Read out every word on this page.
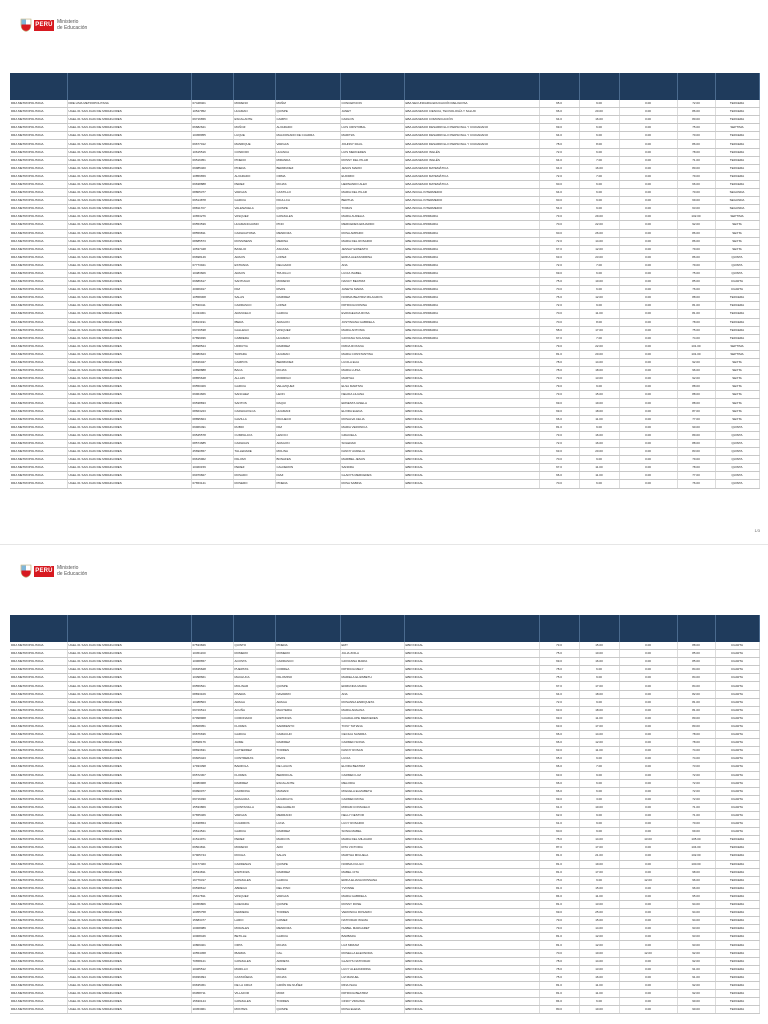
PERÚ Ministerio
de Educación

DRA METROPOLITANA	DRE LIMA METROPOLITANA	07448401	MORENO	MUÑIZ	CONCEPCION	EBA SECUNDARIA EDUCACIÓN RELIGIOSA	65.0	9.00	0.00	72.00	TERCERA
DRA METROPOLITANA	UGEL 01 SAN JUAN DE MIRAFLORES	10547952	HUAMAN	QUISPE	JANET	EBA AVANZADO CIENCIA, TECNOLOGÍA Y SALUD	66.0	20.00	0.00	86.00	TERCERA
DRA METROPOLITANA	UGEL 01 SAN JUAN DE MIRAFLORES	09716656	ESCALANTE	CAMPO	CARLOS	EBA AVANZADO COMUNICACIÓN	64.0	16.00	0.00	80.00	TERCERA
DRA METROPOLITANA	UGEL 01 SAN JUAN DE MIRAFLORES	06682621	MUÑOZ	ALVARADO	LUIS CRISTOBAL	EBA AVANZADO DESARROLLO PERSONAL Y CIUDADANO	69.0	6.00	0.00	75.00	SEPTIMA
DRA METROPOLITANA	UGEL 01 SAN JUAN DE MIRAFLORES	10458955	LUQUE	MALDONADO DE CUADRA	MARITZA	EBA AVANZADO DESARROLLO PERSONAL Y CIUDADANO	64.0	6.00	0.00	70.00	TERCERA
DRA METROPOLITANA	UGEL 01 SAN JUAN DE MIRAFLORES	09677012	MANRIQUE	VARGAS	JOHNNY RAUL	EBA AVANZADO DESARROLLO PERSONAL Y CIUDADANO	78.0	8.00	0.00	86.00	TERCERA
DRA METROPOLITANA	UGEL 01 SAN JUAN DE MIRAFLORES	10615516	CONDORI	HUANCA	LUIS MERCEDES	EBA AVANZADO INGLÉS	72.0	6.00	0.00	78.00	TERCERA
DRA METROPOLITANA	UGEL 01 SAN JUAN DE MIRAFLORES	09516051	PINEDO	MIRANDA	ROSSY DEL PILAR	EBA AVANZADO INGLÉS	64.0	7.00	0.00	71.00	TERCERA
DRA METROPOLITANA	UGEL 01 SAN JUAN DE MIRAFLORES	09985460	PINEDA	BERMUDEZ	JESUS MARIO	EBA AVANZADO MATEMÁTICA	64.0	16.00	0.00	80.00	TERCERA
DRA METROPOLITANA	UGEL 01 SAN JUAN DE MIRAFLORES	10859659	ALVARADO	ORMA	EUDIMIO	EBA AVANZADO MATEMÁTICA	72.0	7.00	0.00	79.00	TERCERA
DRA METROPOLITANA	UGEL 01 SAN JUAN DE MIRAFLORES	09638888	PEREZ	ROJAS	HERNANDO ALEX	EBA AVANZADO MATEMÁTICA	60.0	6.00	0.00	66.00	TERCERA
DRA METROPOLITANA	UGEL 01 SAN JUAN DE MIRAFLORES	08805377	VARGAS	CASTILLO	MARIA DEL PILAR	EBA INICIAL INTERMEDIO	64.0	6.00	0.00	70.00	SEGUNDA
DRA METROPOLITANA	UGEL 01 SAN JUAN DE MIRAFLORES	09514878	GARCIA	PAULLCA	BERTHA	EBA INICIAL INTERMEDIO	60.0	9.00	0.00	69.00	SEGUNDA
DRA METROPOLITANA	UGEL 01 SAN JUAN DE MIRAFLORES	08811707	VALENZUELA	QUISPE	TOMAS	EBA INICIAL INTERMEDIO	54.0	9.00	0.00	63.00	SEGUNDA
DRA METROPOLITANA	UGEL 01 SAN JUAN DE MIRAFLORES	10653276	VASQUEZ	GONZALES	MARIA AURELIA	EBE INICIAL/PRIMARIA	73.0	29.00	0.00	102.00	SEPTIMA
DRA METROPOLITANA	UGEL 01 SAN JUAN DE MIRAFLORES	09553539	HUAMANCHUMO	PINO	MERCEDES EDUARDO	EBE INICIAL/PRIMARIA	70.0	22.00	0.00	92.00	SEXTA
DRA METROPOLITANA	UGEL 01 SAN JUAN DE MIRAFLORES	08559811	CARHUATOMA	MENDOZA	ROSA AMPARO	EBE INICIAL/PRIMARIA	60.0	26.00	0.00	86.00	SEXTA
DRA METROPOLITANA	UGEL 01 SAN JUAN DE MIRAFLORES	08685573	ROSSINESS	MEDINA	MARIA DEL ROSARIO	EBE INICIAL/PRIMARIA	72.0	14.00	0.00	86.00	SEXTA
DRA METROPOLITANA	UGEL 01 SAN JUAN DE MIRAFLORES	10537448	BASILIO	ASCASA	JESSAY ERNESTO	EBE INICIAL/PRIMARIA	67.0	12.00	0.00	79.00	SEXTA
DRA METROPOLITANA	UGEL 01 SAN JUAN DE MIRAFLORES	09698149	ARAOS	LOPEZ	ERIKA ALEXANDRINA	EBE INICIAL/PRIMARIA	63.0	23.00	0.00	86.00	QUINTA
DRA METROPOLITANA	UGEL 01 SAN JUAN DE MIRAFLORES	07773941	ESTRADA	DELGADO	ANA	EBE INICIAL/PRIMARIA	72.0	7.00	0.00	79.00	QUINTA
DRA METROPOLITANA	UGEL 01 SAN JUAN DE MIRAFLORES	10483606	ARAOS	TRUJILLO	LUCIA ISABEL	EBE INICIAL/PRIMARIA	69.0	6.00	0.00	75.00	QUINTA
DRA METROPOLITANA	UGEL 01 SAN JUAN DE MIRAFLORES	09686617	SANTIAGO	MORENO	NANCY BEATRIZ	EBE INICIAL/PRIMARIA	75.0	10.00	0.00	85.00	CUARTA
DRA METROPOLITANA	UGEL 01 SAN JUAN DE MIRAFLORES	40969917	PAZ	RIVAS	JANETH MARIA	EBE INICIAL/PRIMARIA	70.0	6.00	0.00	76.00	CUARTA
DRA METROPOLITANA	UGEL 01 SAN JUAN DE MIRAFLORES	10558308	SALAS	RAMIREZ	NORMA BEATRIZ MILAGROS	EBE INICIAL/PRIMARIA	76.0	12.00	0.00	88.00	TERCERA
DRA METROPOLITANA	UGEL 01 SAN JUAN DE MIRAFLORES	07530411	CARRASCO	LOPEZ	PATRICIA ROSINA	EBE INICIAL/PRIMARIA	72.0	9.00	0.00	81.00	TERCERA
DRA METROPOLITANA	UGEL 01 SAN JUAN DE MIRAFLORES	41434301	ARANCELO	GARCIA	EVANGELINA ROSA	EBE INICIAL/PRIMARIA	70.0	11.00	0.00	81.00	TERCERA
DRA METROPOLITANA	UGEL 01 SAN JUAN DE MIRAFLORES	06813191	IBERA	ARAGON	JUSTINIANA GABRIELA	EBE INICIAL/PRIMARIA	70.0	8.00	0.00	78.00	TERCERA
DRA METROPOLITANA	UGEL 01 SAN JUAN DE MIRAFLORES	09729538	GALLEGO	VASQUEZ	MARIA ANTONIA	EBE INICIAL/PRIMARIA	58.0	17.00	0.00	75.00	TERCERA
DRA METROPOLITANA	UGEL 01 SAN JUAN DE MIRAFLORES	07899936	CABRERA	HUAMAN	GIOVANA SOLANGE	EBE INICIAL/PRIMARIA	67.0	7.00	0.00	74.00	TERCERA
DRA METROPOLITANA	UGEL 01 SAN JUAN DE MIRAFLORES	09598524	URRUTIA	RAMIREZ	FRIDA ROXANA	EBR INICIAL	79.0	22.00	0.00	101.00	SEPTIMA
DRA METROPOLITANA	UGEL 01 SAN JUAN DE MIRAFLORES	06980623	TAIPARA	HUAMAN	MARIA CONSTANTINA	EBR INICIAL	81.0	20.00	0.00	101.00	SEPTIMA
DRA METROPOLITANA	UGEL 01 SAN JUAN DE MIRAFLORES	09636047	CAMPOS	BERMUDEZ	LUCILA ELIA	EBR INICIAL	78.0	14.00	0.00	92.00	SEXTA
DRA METROPOLITANA	UGEL 01 SAN JUAN DE MIRAFLORES	10898888	BACA	ROJAS	MARIA LUISA	EBR INICIAL	78.0	18.00	0.00	96.00	SEXTA
DRA METROPOLITANA	UGEL 01 SAN JUAN DE MIRAFLORES	08855648	ALLAIN	RODRIGO	MARTHA	EBR INICIAL	79.0	13.00	0.00	92.00	SEXTA
DRA METROPOLITANA	UGEL 01 SAN JUAN DE MIRAFLORES	09550409	GARCIA	VELAZQUEZ	ELSA MARITZA	EBR INICIAL	79.0	9.00	0.00	88.00	SEXTA
DRA METROPOLITANA	UGEL 01 SAN JUAN DE MIRAFLORES	09964666	SANCHEZ	LEON	NELIDA LILIANA	EBR INICIAL	73.0	15.00	0.00	88.00	SEXTA
DRA METROPOLITANA	UGEL 01 SAN JUAN DE MIRAFLORES	09538833	SANTOS	RAQUI	ERNESTA GISELA	EBR INICIAL	69.0	19.00	0.00	88.00	SEXTA
DRA METROPOLITANA	UGEL 01 SAN JUAN DE MIRAFLORES	08663223	CARHUAVILCA	HUAMANI	ELVIRA ELENA	EBR INICIAL	69.0	18.00	0.00	87.00	SEXTA
DRA METROPOLITANA	UGEL 01 SAN JUAN DE MIRAFLORES	08895604	GAVILLA	PACHECO	ROSALVA CELIA	EBR INICIAL	66.0	11.00	0.00	77.00	SEXTA
DRA METROPOLITANA	UGEL 01 SAN JUAN DE MIRAFLORES	09966491	RUBIO	PAZ	MARIA VERONICA	EBR INICIAL	81.0	9.00	0.00	90.00	QUINTA
DRA METROPOLITANA	UGEL 01 SAN JUAN DE MIRAFLORES	09545578	CUMPALAYA	LENOCI	GRACIELA	EBR INICIAL	73.0	16.00	0.00	89.00	QUINTA
DRA METROPOLITANA	UGEL 01 SAN JUAN DE MIRAFLORES	08574685	CARHUAS	ARAGON	SOLEDAD	EBR INICIAL	72.0	16.00	0.00	88.00	QUINTA
DRA METROPOLITANA	UGEL 01 SAN JUAN DE MIRAFLORES	25690657	TALLEDADE	MOLINA	FANNY AURELIA	EBR INICIAL	63.0	20.00	0.00	83.00	QUINTA
DRA METROPOLITANA	UGEL 01 SAN JUAN DE MIRAFLORES	09615962	PALOMI	BONAFES	MARIBEL JESUS	EBR INICIAL	70.0	9.00	0.00	79.00	QUINTA
DRA METROPOLITANA	UGEL 01 SAN JUAN DE MIRAFLORES	10460159	PEREZ	CALDERON	SANDRA	EBR INICIAL	67.0	11.00	0.00	78.00	QUINTA
DRA METROPOLITANA	UGEL 01 SAN JUAN DE MIRAFLORES	09979827	ROSADO	DIAZ	GLADYS MERCEDES	EBR INICIAL	66.0	11.00	0.00	77.00	QUINTA
DRA METROPOLITANA	UGEL 01 SAN JUAN DE MIRAFLORES	07653141	ROSERO	PINEDA	ROSA SABINA	EBR INICIAL	70.0	6.00	0.00	76.00	QUINTA
1/3
PERÚ Ministerio
de Educación

DRA METROPOLITANA	UGEL 01 SAN JUAN DE MIRAFLORES	07533846	QUINTO	PINEDA	EMY	EBR INICIAL	73.0	15.00	0.00	88.00	CUARTA
DRA METROPOLITANA	UGEL 01 SAN JUAN DE MIRAFLORES	10451160	ROMERO	ROMERO	JULIA ZOILA	EBR INICIAL	75.0	10.00	0.00	85.00	CUARTA
DRA METROPOLITANA	UGEL 01 SAN JUAN DE MIRAFLORES	10068657	ACOSTA	CARRASCO	GIOVANNA MARIA	EBR INICIAL	69.0	16.00	0.00	85.00	CUARTA
DRA METROPOLITANA	UGEL 01 SAN JUAN DE MIRAFLORES	09635628	PUERTAS	CORREA	PATRICIA MELY	EBR INICIAL	78.0	6.00	0.00	84.00	CUARTA
DRA METROPOLITANA	UGEL 01 SAN JUAN DE MIRAFLORES	10398661	MACHUCA	PALOMINO	MARIELA ELIZABETH	EBR INICIAL	75.0	9.00	0.00	84.00	CUARTA
DRA METROPOLITANA	UGEL 01 SAN JUAN DE MIRAFLORES	09559521	MOLINAR	QUISPE	EDMUNDA MARIA	EBR INICIAL	67.0	17.00	0.00	84.00	CUARTA
DRA METROPOLITANA	UGEL 01 SAN JUAN DE MIRAFLORES	08833109	RIVERA	NAVARRO	ANA	EBR INICIAL	64.0	18.00	0.00	82.00	CUARTA
DRA METROPOLITANA	UGEL 01 SAN JUAN DE MIRAFLORES	10488503	ARAGA	ARAGA	ROSANNA ENRIQUETA	EBR INICIAL	72.0	9.00	0.00	81.00	CUARTA
DRA METROPOLITANA	UGEL 01 SAN JUAN DE MIRAFLORES	09729514	ACUÑA	MAUTERIA	MARIA ADALINA	EBR INICIAL	63.0	18.00	0.00	81.00	CUARTA
DRA METROPOLITANA	UGEL 01 SAN JUAN DE MIRAFLORES	07998968	CORONADO	ESPINOZA	GUADALUPE MERCEDES	EBR INICIAL	69.0	11.00	0.00	80.00	CUARTA
DRA METROPOLITANA	UGEL 01 SAN JUAN DE MIRAFLORES	09508051	FLORES	SARMIENTO	TONY TATIANA	EBR INICIAL	63.0	17.00	0.00	80.00	CUARTA
DRA METROPOLITANA	UGEL 01 SAN JUAN DE MIRAFLORES	06676636	GARCIA	CAMACHO	CECILIA SANDRA	EBR INICIAL	66.0	14.00	0.00	78.00	CUARTA
DRA METROPOLITANA	UGEL 01 SAN JUAN DE MIRAFLORES	09598176	JAIME	RAMIREZ	CARMEN SONIA	EBR INICIAL	66.0	12.00	0.00	78.00	CUARTA
DRA METROPOLITANA	UGEL 01 SAN JUAN DE MIRAFLORES	08693631	GUTIERREZ	TORRES	FANNY ROSAN	EBR INICIAL	63.0	11.00	0.00	74.00	CUARTA
DRA METROPOLITANA	UGEL 01 SAN JUAN DE MIRAFLORES	09605423	CONTRERAS	RIVAS	LUCIA	EBR INICIAL	65.0	9.00	0.00	74.00	CUARTA
DRA METROPOLITANA	UGEL 01 SAN JUAN DE MIRAFLORES	17933398	BARZOLA	DE LAGOS	ELVIRA BEATRIZ	EBR INICIAL	66.0	7.00	0.00	73.00	CUARTA
DRA METROPOLITANA	UGEL 01 SAN JUAN DE MIRAFLORES	06572307	FLORES	BERROCAL	CARMEN LUZ	EBR INICIAL	63.0	9.00	0.00	72.00	CUARTA
DRA METROPOLITANA	UGEL 01 SAN JUAN DE MIRAFLORES	10080968	RAMIREZ	ESCALANTE	MELODIA	EBR INICIAL	66.0	6.00	0.00	72.00	CUARTA
DRA METROPOLITANA	UGEL 01 SAN JUAN DE MIRAFLORES	09990077	CARMONA	MAMANI	MIGUELA ELIZABETH	EBR INICIAL	66.0	6.00	0.00	72.00	CUARTA
DRA METROPOLITANA	UGEL 01 SAN JUAN DE MIRAFLORES	09716030	ARAGUDA	HUARCAYA	CARMEN ROSA	EBR INICIAL	69.0	3.00	0.00	72.00	CUARTA
DRA METROPOLITANA	UGEL 01 SAN JUAN DE MIRAFLORES	15533869	QUINTANILLA	MELGAREJO	MIRIAM CONSUELO	EBR INICIAL	61.0	10.00	0.00	71.00	CUARTA
DRA METROPOLITANA	UGEL 01 SAN JUAN DE MIRAFLORES	07655466	VARGAS	MEDRANO	NELLY NESTOR	EBR INICIAL	62.0	9.00	0.00	71.00	CUARTA
DRA METROPOLITANA	UGEL 01 SAN JUAN DE MIRAFLORES	21638654	CUADROS	LUNA	LUCY ROSARIO	EBR INICIAL	61.0	9.00	0.00	70.00	CUARTA
DRA METROPOLITANA	UGEL 01 SAN JUAN DE MIRAFLORES	15614541	GARCIA	RAMIREZ	SONIA MABEL	EBR INICIAL	60.0	9.00	0.00	69.00	CUARTA
DRA METROPOLITANA	UGEL 01 SAN JUAN DE MIRAFLORES	21514971	PEREZ	MARCOS	MARIA DEL MILAGRO	EBR INICIAL	78.0	14.00	13.00	105.00	TERCERA
DRA METROPOLITANA	UGEL 01 SAN JUAN DE MIRAFLORES	09504811	MORENO	ARO	RITA VICTORIA	EBR INICIAL	87.0	17.00	0.00	104.00	TERCERA
DRA METROPOLITANA	UGEL 01 SAN JUAN DE MIRAFLORES	07905744	ROCHA	SALAS	MARTHA MIGUELA	EBR INICIAL	81.0	21.00	0.00	102.00	TERCERA
DRA METROPOLITANA	UGEL 01 SAN JUAN DE MIRAFLORES	03177460	CARDENAS	QUISPE	NORMA FULGO	EBR INICIAL	81.0	19.00	0.00	100.00	TERCERA
DRA METROPOLITANA	UGEL 01 SAN JUAN DE MIRAFLORES	16534811	ESPINOZA	RAMIREZ	MABEL CITA	EBR INICIAL	81.0	17.00	0.00	98.00	TERCERA
DRA METROPOLITANA	UGEL 01 SAN JUAN DE MIRAFLORES	16779317	GONZALES	GARCIA	ERIKA ELIANA ROSSANA	EBR INICIAL	75.0	9.00	12.00	96.00	TERCERA
DRA METROPOLITANA	UGEL 01 SAN JUAN DE MIRAFLORES	09538612	ABREGU	DEL PINO	YVONNE	EBR INICIAL	81.0	15.00	0.00	96.00	TERCERA
DRA METROPOLITANA	UGEL 01 SAN JUAN DE MIRAFLORES	15617811	VASQUEZ	VARGAS	MARIA GABRIELA	EBR INICIAL	84.0	11.00	0.00	95.00	TERCERA
DRA METROPOLITANA	UGEL 01 SAN JUAN DE MIRAFLORES	10459806	GUEVARA	QUISPE	ROSSY ROSE	EBR INICIAL	81.0	13.00	0.00	94.00	TERCERA
DRA METROPOLITANA	UGEL 01 SAN JUAN DE MIRAFLORES	10055758	FERRERA	TORRES	VERONICA ROSARIO	EBR INICIAL	69.0	25.00	0.00	94.00	TERCERA
DRA METROPOLITANA	UGEL 01 SAN JUAN DE MIRAFLORES	15683477	LARIO	GOMEZ	NATIVIDAD WILMA	EBR INICIAL	79.0	15.00	0.00	94.00	TERCERA
DRA METROPOLITANA	UGEL 01 SAN JUAN DE MIRAFLORES	10008089	MORALES	MENDOZA	ISABEL MARGARET	EBR INICIAL	79.0	14.00	0.00	93.00	TERCERA
DRA METROPOLITANA	UGEL 01 SAN JUAN DE MIRAFLORES	10008446	BETILLE	GARCIA	BARBARA	EBR INICIAL	81.0	12.00	0.00	93.00	TERCERA
DRA METROPOLITANA	UGEL 01 SAN JUAN DE MIRAFLORES	10809401	ORTA	ROJAS	LUZ MIRIAM	EBR INICIAL	81.0	12.00	0.00	93.00	TERCERA
DRA METROPOLITANA	UGEL 01 SAN JUAN DE MIRAFLORES	10554458	IBARRA	CAL	ROSELLA ELEONORA	EBR INICIAL	70.0	10.00	12.00	92.00	TERCERA
DRA METROPOLITANA	UGEL 01 SAN JUAN DE MIRAFLORES	70658121	GONZALES	ARRIETA	GLADYS NATIVIDAD	EBR INICIAL	78.0	14.00	0.00	92.00	TERCERA
DRA METROPOLITANA	UGEL 01 SAN JUAN DE MIRAFLORES	10465512	MURILLO	PEREZ	LUCY ALEJANDRINA	EBR INICIAL	78.0	13.00	0.00	91.00	TERCERA
DRA METROPOLITANA	UGEL 01 SAN JUAN DE MIRAFLORES	09936994	CASTAÑEDA	ROJAS	LIZ MANUEL	EBR INICIAL	75.0	16.00	0.00	91.00	TERCERA
DRA METROPOLITANA	UGEL 01 SAN JUAN DE MIRAFLORES	09635361	DE LA CRUZ	GIRÓN DE NUÑEZ	RINA ISAIA	EBR INICIAL	81.0	11.00	0.00	92.00	TERCERA
DRA METROPOLITANA	UGEL 01 SAN JUAN DE MIRAFLORES	06058711	VILLAFOR	MORI	PATRICIA BEATRIZ	EBR INICIAL	81.0	11.00	0.00	92.00	TERCERA
DRA METROPOLITANA	UGEL 01 SAN JUAN DE MIRAFLORES	15630144	GONZALES	TORRES	CINDY VIRGINIA	EBR INICIAL	84.0	6.00	0.00	90.00	TERCERA
DRA METROPOLITANA	UGEL 01 SAN JUAN DE MIRAFLORES	10453961	MONTES	QUISPE	ROSA ELENA	EBR INICIAL	80.0	10.00	0.00	90.00	TERCERA
